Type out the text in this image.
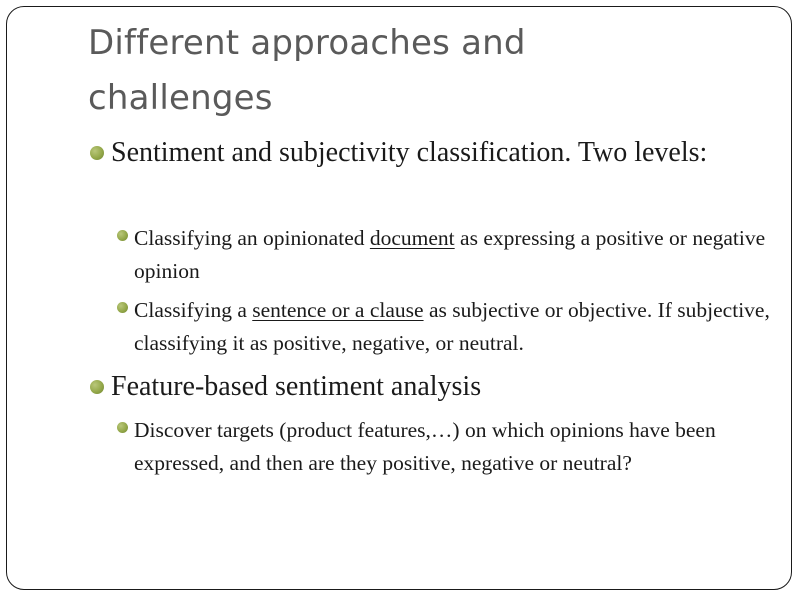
Different approaches and challenges
Sentiment and subjectivity classification. Two levels:
Classifying an opinionated document as expressing a positive or negative opinion
Classifying a sentence or a clause as subjective or objective. If subjective, classifying it as positive, negative, or neutral.
Feature-based sentiment analysis
Discover targets (product features,…) on which opinions have been expressed, and then are they positive, negative or neutral?
